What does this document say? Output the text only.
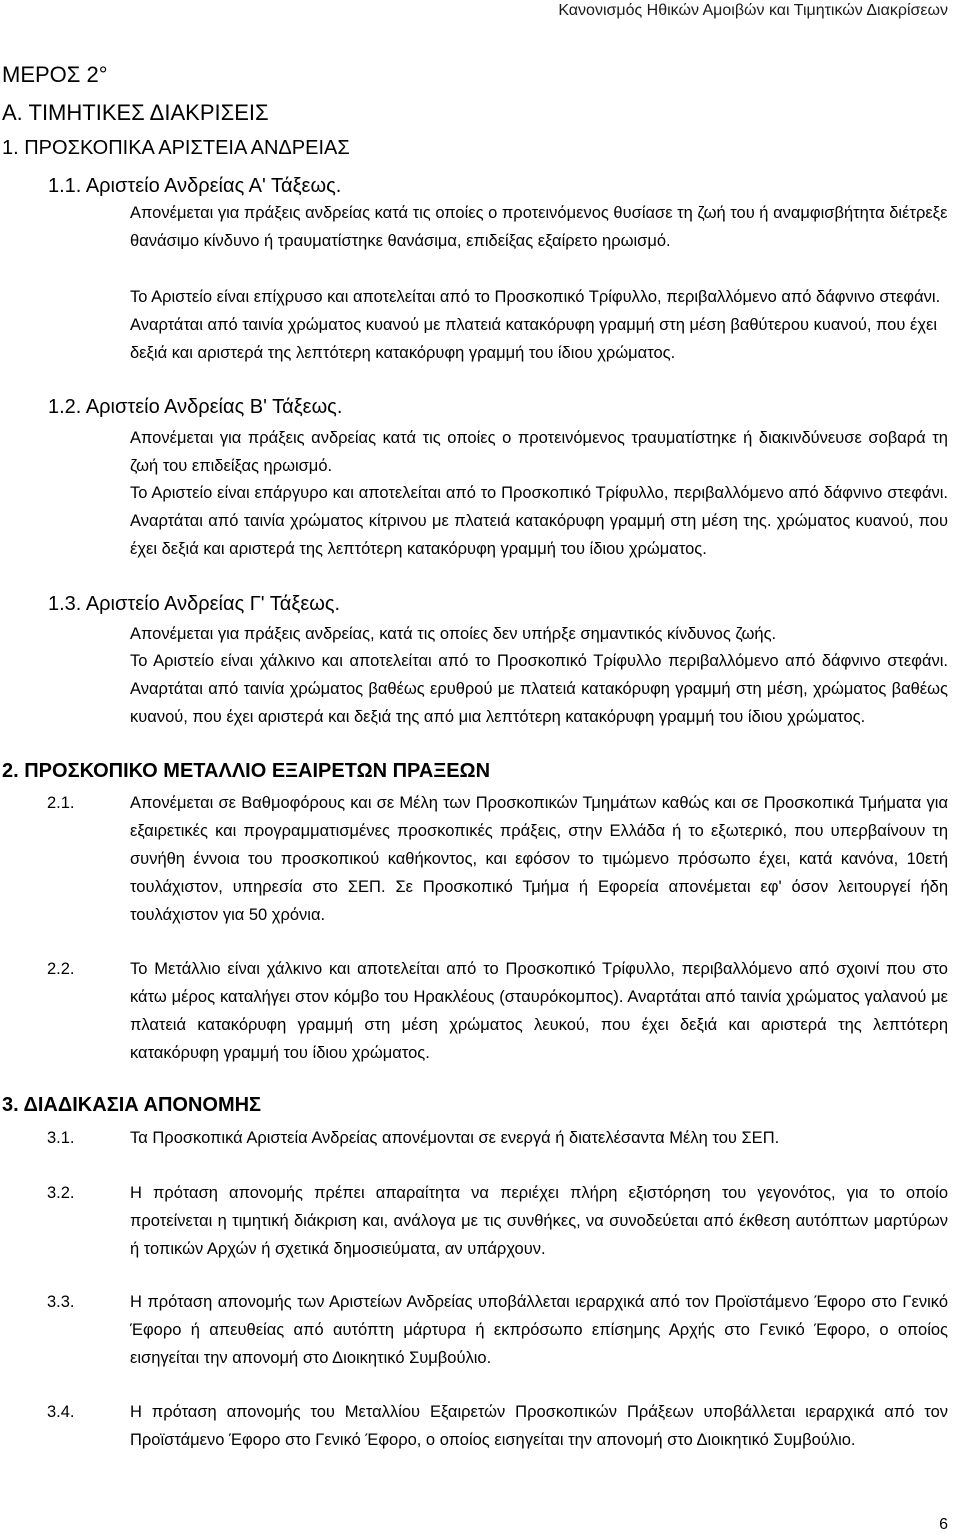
Κανονισμός Ηθικών Αμοιβών και Τιμητικών Διακρίσεων
ΜΕΡΟΣ 2°
Α. ΤΙΜΗΤΙΚΕΣ ΔΙΑΚΡΙΣΕΙΣ
1. ΠΡΟΣΚΟΠΙΚΑ ΑΡΙΣΤΕΙΑ ΑΝΔΡΕΙΑΣ
1.1. Αριστείο Ανδρείας Α' Τάξεως.

Απονέμεται για πράξεις ανδρείας κατά τις οποίες ο προτεινόμενος θυσίασε τη ζωή του ή αναμφισβήτητα διέτρεξε θανάσιμο κίνδυνο ή τραυματίστηκε θανάσιμα, επιδείξας εξαίρετο ηρωισμό.

Το Αριστείο είναι επίχρυσο και αποτελείται από το Προσκοπικό Τρίφυλλο, περιβαλλόμενο από δάφνινο στεφάνι. Αναρτάται από ταινία χρώματος κυανού με πλατειά κατακόρυφη γραμμή στη μέση βαθύτερου κυανού, που έχει δεξιά και αριστερά της λεπτότερη κατακόρυφη γραμμή του ίδιου χρώματος.

1.2. Αριστείο Ανδρείας Β' Τάξεως.

Απονέμεται για πράξεις ανδρείας κατά τις οποίες ο προτεινόμενος τραυματίστηκε ή διακινδύνευσε σοβαρά τη ζωή του επιδείξας ηρωισμό.

Το Αριστείο είναι επάργυρο και αποτελείται από το Προσκοπικό Τρίφυλλο, περιβαλλόμενο από δάφνινο στεφάνι. Αναρτάται από ταινία χρώματος κίτρινου με πλατειά κατακόρυφη γραμμή στη μέση της. χρώματος κυανού, που έχει δεξιά και αριστερά της λεπτότερη κατακόρυφη γραμμή του ίδιου χρώματος.

1.3. Αριστείο Ανδρείας Γ' Τάξεως.

Απονέμεται για πράξεις ανδρείας, κατά τις οποίες δεν υπήρξε σημαντικός κίνδυνος ζωής.

Το Αριστείο είναι χάλκινο και αποτελείται από το Προσκοπικό Τρίφυλλο περιβαλλόμενο από δάφνινο στεφάνι. Αναρτάται από ταινία χρώματος βαθέως ερυθρού με πλατειά κατακόρυφη γραμμή στη μέση, χρώματος βαθέως κυανού, που έχει αριστερά και δεξιά της από μια λεπτότερη κατακόρυφη γραμμή του ίδιου χρώματος.

2. ΠΡΟΣΚΟΠΙΚΟ ΜΕΤΑΛΛΙΟ ΕΞΑΙΡΕΤΩΝ ΠΡΑΞΕΩΝ
2.1.	Απονέμεται σε Βαθμοφόρους και σε Μέλη των Προσκοπικών Τμημάτων καθώς και σε Προσκοπικά Τμήματα για εξαιρετικές και προγραμματισμένες προσκοπικές πράξεις, στην Ελλάδα ή το εξωτερικό, που υπερβαίνουν τη συνήθη έννοια του προσκοπικού καθήκοντος, και εφόσον το τιμώμενο πρόσωπο έχει, κατά κανόνα, 10ετή τουλάχιστον, υπηρεσία στο ΣΕΠ. Σε Προσκοπικό Τμήμα ή Εφορεία απονέμεται εφ' όσον λειτουργεί ήδη τουλάχιστον για 50 χρόνια.

2.2.	Το Μετάλλιο είναι χάλκινο και αποτελείται από το Προσκοπικό Τρίφυλλο, περιβαλλόμενο από σχοινί που στο κάτω μέρος καταλήγει στον κόμβο του Ηρακλέους (σταυρόκομπος). Αναρτάται από ταινία χρώματος γαλανού με πλατειά κατακόρυφη γραμμή στη μέση χρώματος λευκού, που έχει δεξιά και αριστερά της λεπτότερη κατακόρυφη γραμμή του ίδιου χρώματος.

3. ΔΙΑΔΙΚΑΣΙΑ ΑΠΟΝΟΜΗΣ
3.1.	Τα Προσκοπικά Αριστεία Ανδρείας απονέμονται σε ενεργά ή διατελέσαντα Μέλη του ΣΕΠ.

3.2.	Η πρόταση απονομής πρέπει απαραίτητα να περιέχει πλήρη εξιστόρηση του γεγονότος, για το οποίο προτείνεται η τιμητική διάκριση και, ανάλογα με τις συνθήκες, να συνοδεύεται από έκθεση αυτόπτων μαρτύρων ή τοπικών Αρχών ή σχετικά δημοσιεύματα, αν υπάρχουν.

3.3.	Η πρόταση απονομής των Αριστείων Ανδρείας υποβάλλεται ιεραρχικά από τον Προϊστάμενο Έφορο στο Γενικό Έφορο ή απευθείας από αυτόπτη μάρτυρα ή εκπρόσωπο επίσημης Αρχής στο Γενικό Έφορο, ο οποίος εισηγείται την απονομή στο Διοικητικό Συμβούλιο.

3.4.	Η πρόταση απονομής του Μεταλλίου Εξαιρετών Προσκοπικών Πράξεων υποβάλλεται ιεραρχικά από τον Προϊστάμενο Έφορο στο Γενικό Έφορο, ο οποίος εισηγείται την απονομή στο Διοικητικό Συμβούλιο.

6
